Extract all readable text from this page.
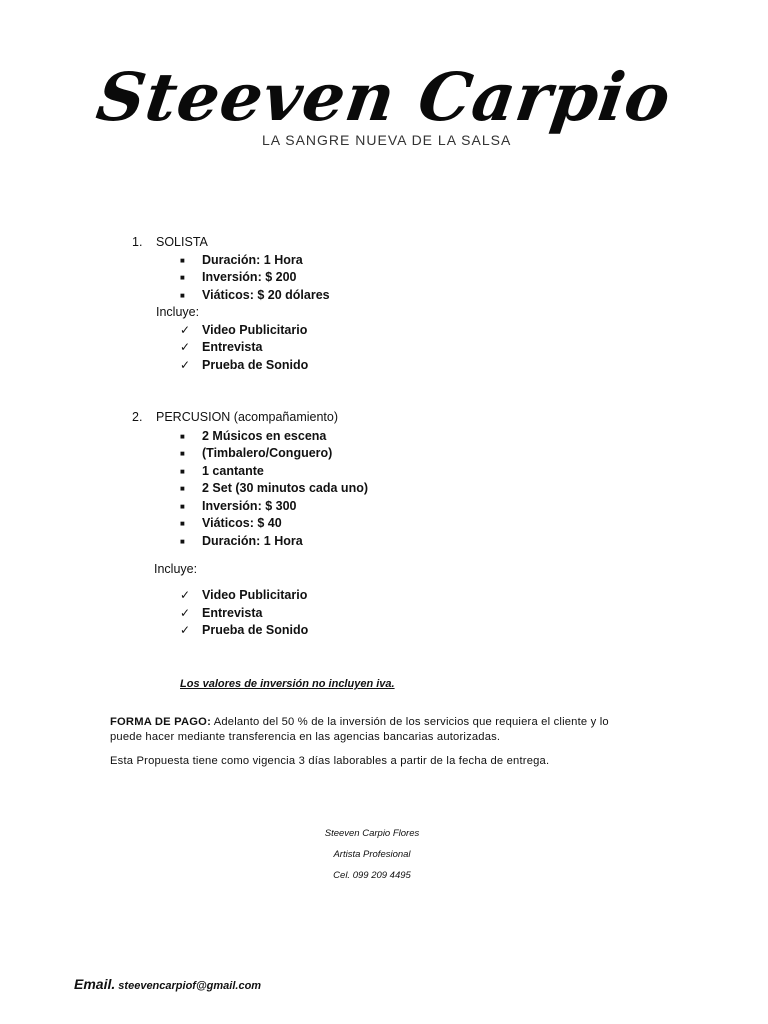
Steeven Carpio
LA SANGRE NUEVA DE LA SALSA
1. SOLISTA
■ Duración: 1 Hora
■ Inversión: $ 200
■ Viáticos: $ 20 dólares
Incluye:
✓ Video Publicitario
✓ Entrevista
✓ Prueba de Sonido
2. PERCUSION (acompañamiento)
■ 2 Músicos en escena
■ (Timbalero/Conguero)
■ 1 cantante
■ 2 Set (30 minutos cada uno)
■ Inversión: $ 300
■ Viáticos: $ 40
■ Duración: 1 Hora
Incluye:
✓ Video Publicitario
✓ Entrevista
✓ Prueba de Sonido
Los valores de inversión no incluyen iva.
FORMA DE PAGO: Adelanto del 50 % de la inversión de los servicios que requiera el cliente y lo
puede hacer mediante transferencia en las agencias bancarias autorizadas.
Esta Propuesta tiene como vigencia 3 días laborables a partir de la fecha de entrega.
Steeven Carpio Flores
Artista Profesional
Cel. 099 209 4495
Email. steevencarpiof@gmail.com
